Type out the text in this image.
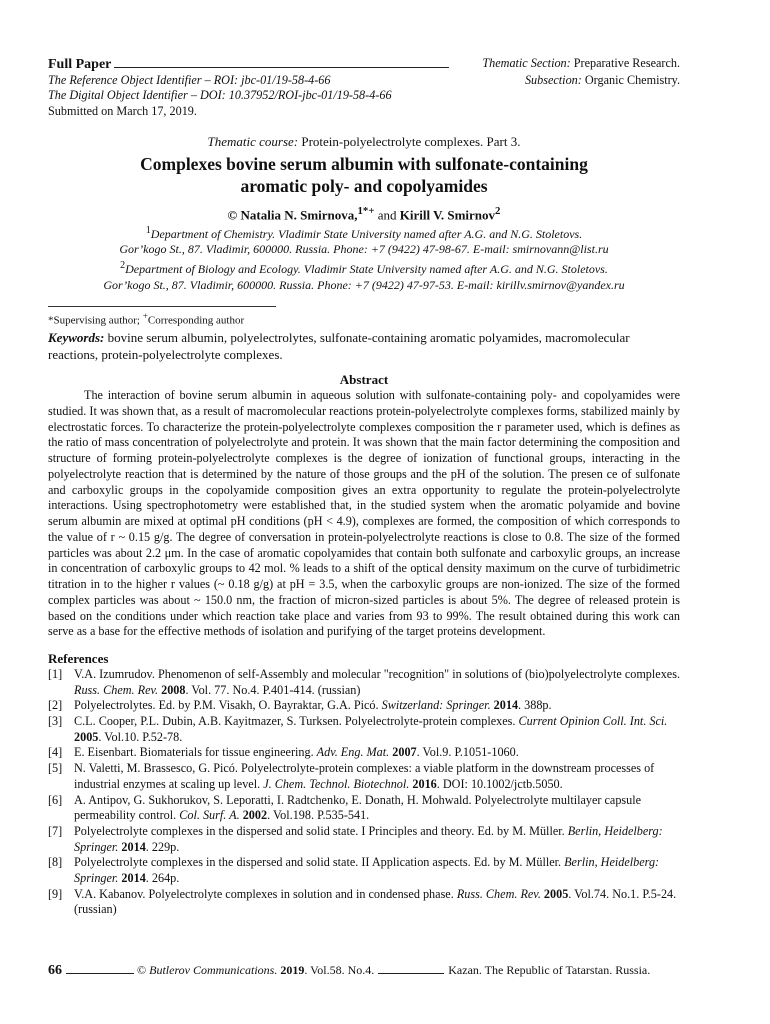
Full Paper	Thematic Section: Preparative Research.
The Reference Object Identifier – ROI: jbc-01/19-58-4-66	Subsection: Organic Chemistry.
The Digital Object Identifier – DOI: 10.37952/ROI-jbc-01/19-58-4-66
Submitted on March 17, 2019.
Thematic course: Protein-polyelectrolyte complexes. Part 3.
Complexes bovine serum albumin with sulfonate-containing
aromatic poly- and copolyamides
© Natalia N. Smirnova,$^{1*+}$ and Kirill V. Smirnov$^2$
$^1$Department of Chemistry. Vladimir State University named after A.G. and N.G. Stoletovs.
Gor’kogo St., 87. Vladimir, 600000. Russia. Phone: +7 (9422) 47-98-67. E-mail: smirnovann@list.ru
$^2$Department of Biology and Ecology. Vladimir State University named after A.G. and N.G. Stoletovs.
Gor’kogo St., 87. Vladimir, 600000. Russia. Phone: +7 (9422) 47-97-53. E-mail: kirillv.smirnov@yandex.ru
*Supervising author; +Corresponding author
Keywords: bovine serum albumin, polyelectrolytes, sulfonate-containing aromatic polyamides, macromolecular reactions, protein-polyelectrolyte complexes.
Abstract
The interaction of bovine serum albumin in aqueous solution with sulfonate-containing poly- and copolyamides were studied. It was shown that, as a result of macromolecular reactions protein-polyelectrolyte complexes forms, stabilized mainly by electrostatic forces. To characterize the protein-polyelectrolyte complexes composition the r parameter used, which is defines as the ratio of mass concentration of polyelectrolyte and protein. It was shown that the main factor determining the composition and structure of forming protein-polyelectrolyte complexes is the degree of ionization of functional groups, interacting in the polyelectrolyte reaction that is determined by the nature of those groups and the pH of the solution. The presen ce of sulfonate and carboxylic groups in the copolyamide composition gives an extra opportunity to regulate the protein-polyelectrolyte interactions. Using spectrophotometry were established that, in the studied system when the aromatic polyamide and bovine serum albumin are mixed at optimal pH conditions (pH < 4.9), complexes are formed, the composition of which corresponds to the value of r ~ 0.15 g/g. The degree of conversation in protein-polyelectrolyte reactions is close to 0.8. The size of the formed particles was about 2.2 μm. In the case of aromatic copolyamides that contain both sulfonate and carboxylic groups, an increase in concentration of carboxylic groups to 42 mol. % leads to a shift of the optical density maximum on the curve of turbidimetric titration in to the higher r values (~ 0.18 g/g) at pH = 3.5, when the carboxylic groups are non-ionized. The size of the formed complex particles was about ~ 150.0 nm, the fraction of micron-sized particles is about 5%. The degree of released protein is based on the conditions under which reaction take place and varies from 93 to 99%. The result obtained during this work can serve as a base for the effective methods of isolation and purifying of the target proteins development.
References
[1] V.A. Izumrudov. Phenomenon of self-Assembly and molecular "recognition" in solutions of (bio)polyelectrolyte complexes. Russ. Chem. Rev. 2008. Vol. 77. No.4. P.401-414. (russian)
[2] Polyelectrolytes. Ed. by P.M. Visakh, O. Bayraktar, G.A. Picó. Switzerland: Springer. 2014. 388p.
[3] C.L. Cooper, P.L. Dubin, A.B. Kayitmazer, S. Turksen. Polyelectrolyte-protein complexes. Current Opinion Coll. Int. Sci. 2005. Vol.10. P.52-78.
[4] E. Eisenbart. Biomaterials for tissue engineering. Adv. Eng. Mat. 2007. Vol.9. P.1051-1060.
[5] N. Valetti, M. Brassesco, G. Picó. Polyelectrolyte-protein complexes: a viable platform in the downstream processes of industrial enzymes at scaling up level. J. Chem. Technol. Biotechnol. 2016. DOI: 10.1002/jctb.5050.
[6] A. Antipov, G. Sukhorukov, S. Leporatti, I. Radtchenko, E. Donath, H. Mohwald. Polyelectrolyte multilayer capsule permeability control. Col. Surf. A. 2002. Vol.198. P.535-541.
[7] Polyelectrolyte complexes in the dispersed and solid state. I Principles and theory. Ed. by M. Müller. Berlin, Heidelberg: Springer. 2014. 229p.
[8] Polyelectrolyte complexes in the dispersed and solid state. II Application aspects. Ed. by M. Müller. Berlin, Heidelberg: Springer. 2014. 264p.
[9] V.A. Kabanov. Polyelectrolyte complexes in solution and in condensed phase. Russ. Chem. Rev. 2005. Vol.74. No.1. P.5-24. (russian)
66	© Butlerov Communications.
2019 . Vol.58. No.4.	Kazan. The Republic of Tatarstan. Russia.
